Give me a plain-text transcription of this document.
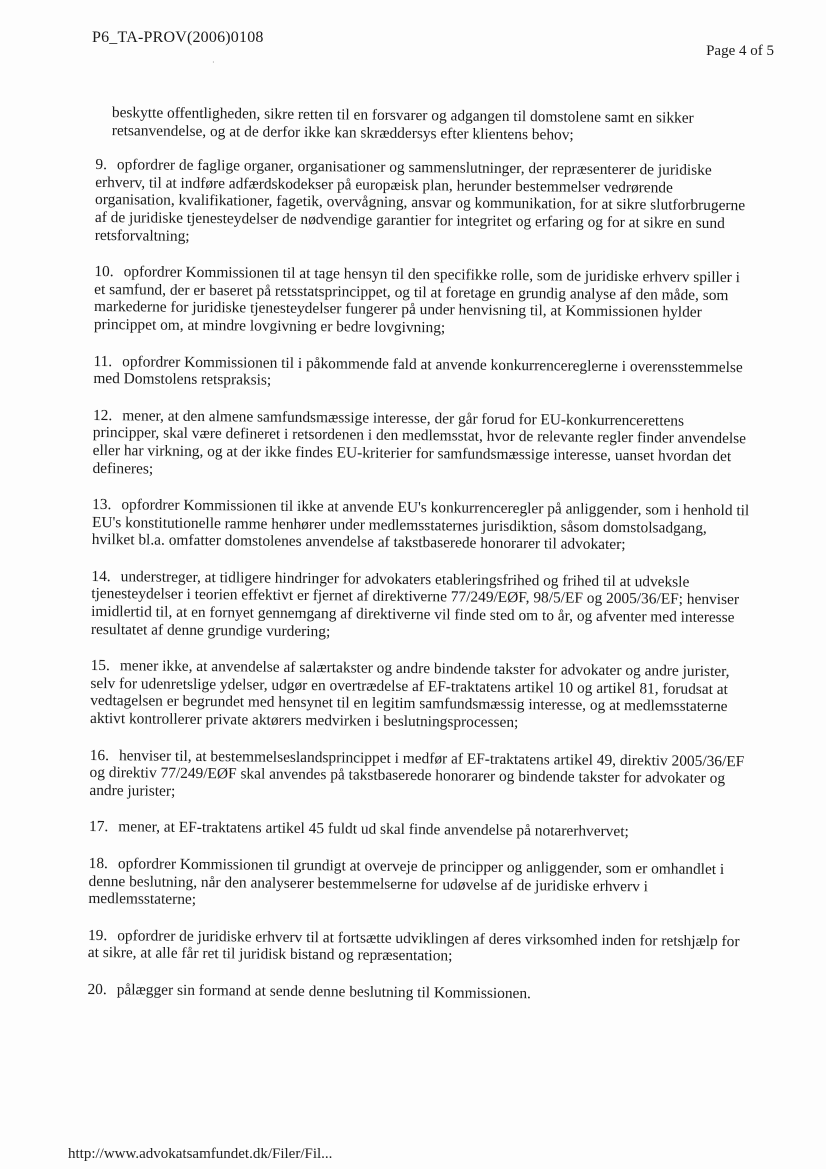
P6_TA-PROV(2006)0108
Page 4 of 5
·

beskytte offentligheden, sikre retten til en forsvarer og adgangen til domstolene samt en sikker retsanvendelse, og at de derfor ikke kan skræddersys efter klientens behov;

9. opfordrer de faglige organer, organisationer og sammenslutninger, der repræsenterer de juridiske erhverv, til at indføre adfærdskodekser på europæisk plan, herunder bestemmelser vedrørende organisation, kvalifikationer, fagetik, overvågning, ansvar og kommunikation, for at sikre slutforbrugerne af de juridiske tjenesteydelser de nødvendige garantier for integritet og erfaring og for at sikre en sund retsforvaltning;

10. opfordrer Kommissionen til at tage hensyn til den specifikke rolle, som de juridiske erhverv spiller i et samfund, der er baseret på retsstatsprincippet, og til at foretage en grundig analyse af den måde, som markederne for juridiske tjenesteydelser fungerer på under henvisning til, at Kommissionen hylder princippet om, at mindre lovgivning er bedre lovgivning;

11. opfordrer Kommissionen til i påkommende fald at anvende konkurrencereglerne i overensstemmelse med Domstolens retspraksis;

12. mener, at den almene samfundsmæssige interesse, der går forud for EU-konkurrencerettens principper, skal være defineret i retsordenen i den medlemsstat, hvor de relevante regler finder anvendelse eller har virkning, og at der ikke findes EU-kriterier for samfundsmæssige interesse, uanset hvordan det defineres;

13. opfordrer Kommissionen til ikke at anvende EU's konkurrenceregler på anliggender, som i henhold til EU's konstitutionelle ramme henhører under medlemsstaternes jurisdiktion, såsom domstolsadgang, hvilket bl.a. omfatter domstolenes anvendelse af takstbaserede honorarer til advokater;

14. understreger, at tidligere hindringer for advokaters etableringsfrihed og frihed til at udveksle tjenesteydelser i teorien effektivt er fjernet af direktiverne 77/249/EØF, 98/5/EF og 2005/36/EF; henviser imidlertid til, at en fornyet gennemgang af direktiverne vil finde sted om to år, og afventer med interesse resultatet af denne grundige vurdering;

15. mener ikke, at anvendelse af salærtakster og andre bindende takster for advokater og andre jurister, selv for udenretslige ydelser, udgør en overtrædelse af EF-traktatens artikel 10 og artikel 81, forudsat at vedtagelsen er begrundet med hensynet til en legitim samfundsmæssig interesse, og at medlemsstaterne aktivt kontrollerer private aktørers medvirken i beslutningsprocessen;

16. henviser til, at bestemmelseslandsprincippet i medfør af EF-traktatens artikel 49, direktiv 2005/36/EF og direktiv 77/249/EØF skal anvendes på takstbaserede honorarer og bindende takster for advokater og andre jurister;

17. mener, at EF-traktatens artikel 45 fuldt ud skal finde anvendelse på notarerhvervet;

18. opfordrer Kommissionen til grundigt at overveje de principper og anliggender, som er omhandlet i denne beslutning, når den analyserer bestemmelserne for udøvelse af de juridiske erhverv i medlemsstaterne;

19. opfordrer de juridiske erhverv til at fortsætte udviklingen af deres virksomhed inden for retshjælp for at sikre, at alle får ret til juridisk bistand og repræsentation;

20. pålægger sin formand at sende denne beslutning til Kommissionen.

http://www.advokatsamfundet.dk/Filer/Fil...
